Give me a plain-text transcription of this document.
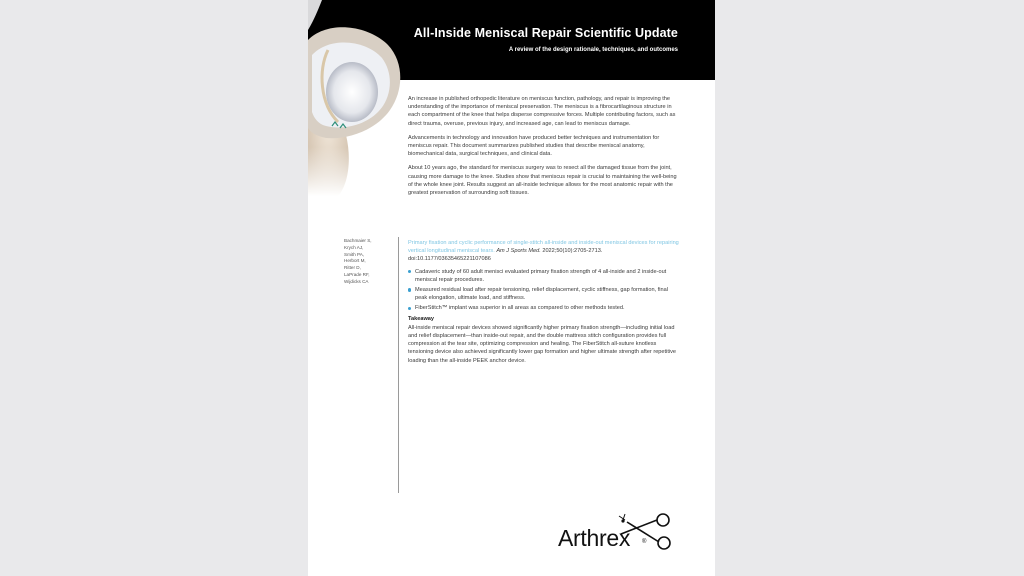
All-Inside Meniscal Repair Scientific Update
A review of the design rationale, techniques, and outcomes

An increase in published orthopedic literature on meniscus function, pathology, and repair is improving the understanding of the importance of meniscal preservation. The meniscus is a fibrocartilaginous structure in each compartment of the knee that helps disperse compressive forces. Multiple contributing factors, such as direct trauma, overuse, previous injury, and increased age, can lead to meniscus damage.

Advancements in technology and innovation have produced better techniques and instrumentation for meniscus repair. This document summarizes published studies that describe meniscal anatomy, biomechanical data, surgical techniques, and clinical data.

About 10 years ago, the standard for meniscus surgery was to resect all the damaged tissue from the joint, causing more damage to the knee. Studies show that meniscus repair is crucial to maintaining the well-being of the whole knee joint. Results suggest an all-inside technique allows for the most anatomic repair with the greatest preservation of surrounding soft tissues.

Bachmaier S,
Krych AJ,
Smith PA,
Herbort M,
Ritter D,
LaPrade RF,
Wijdicks CA
Primary fixation and cyclic performance of single-stitch all-inside and inside-out meniscal devices for repairing vertical longitudinal meniscal tears. Am J Sports Med. 2022;50(10):2705-2713. doi:10.1177/03635465221107086
Cadaveric study of 60 adult menisci evaluated primary fixation strength of 4 all-inside and 2 inside-out meniscal repair procedures.
Measured residual load after repair tensioning, relief displacement, cyclic stiffness, gap formation, final peak elongation, ultimate load, and stiffness.
FiberStitch™ implant was superior in all areas as compared to other methods tested.
Takeaway
All-inside meniscal repair devices showed significantly higher primary fixation strength—including initial load and relief displacement—than inside-out repair, and the double mattress stitch configuration provides full compression at the tear site, optimizing compression and healing. The FiberStitch all-suture knotless tensioning device also achieved significantly lower gap formation and higher ultimate strength after repetitive loading than the all-inside PEEK anchor device.
Arthrex ®
